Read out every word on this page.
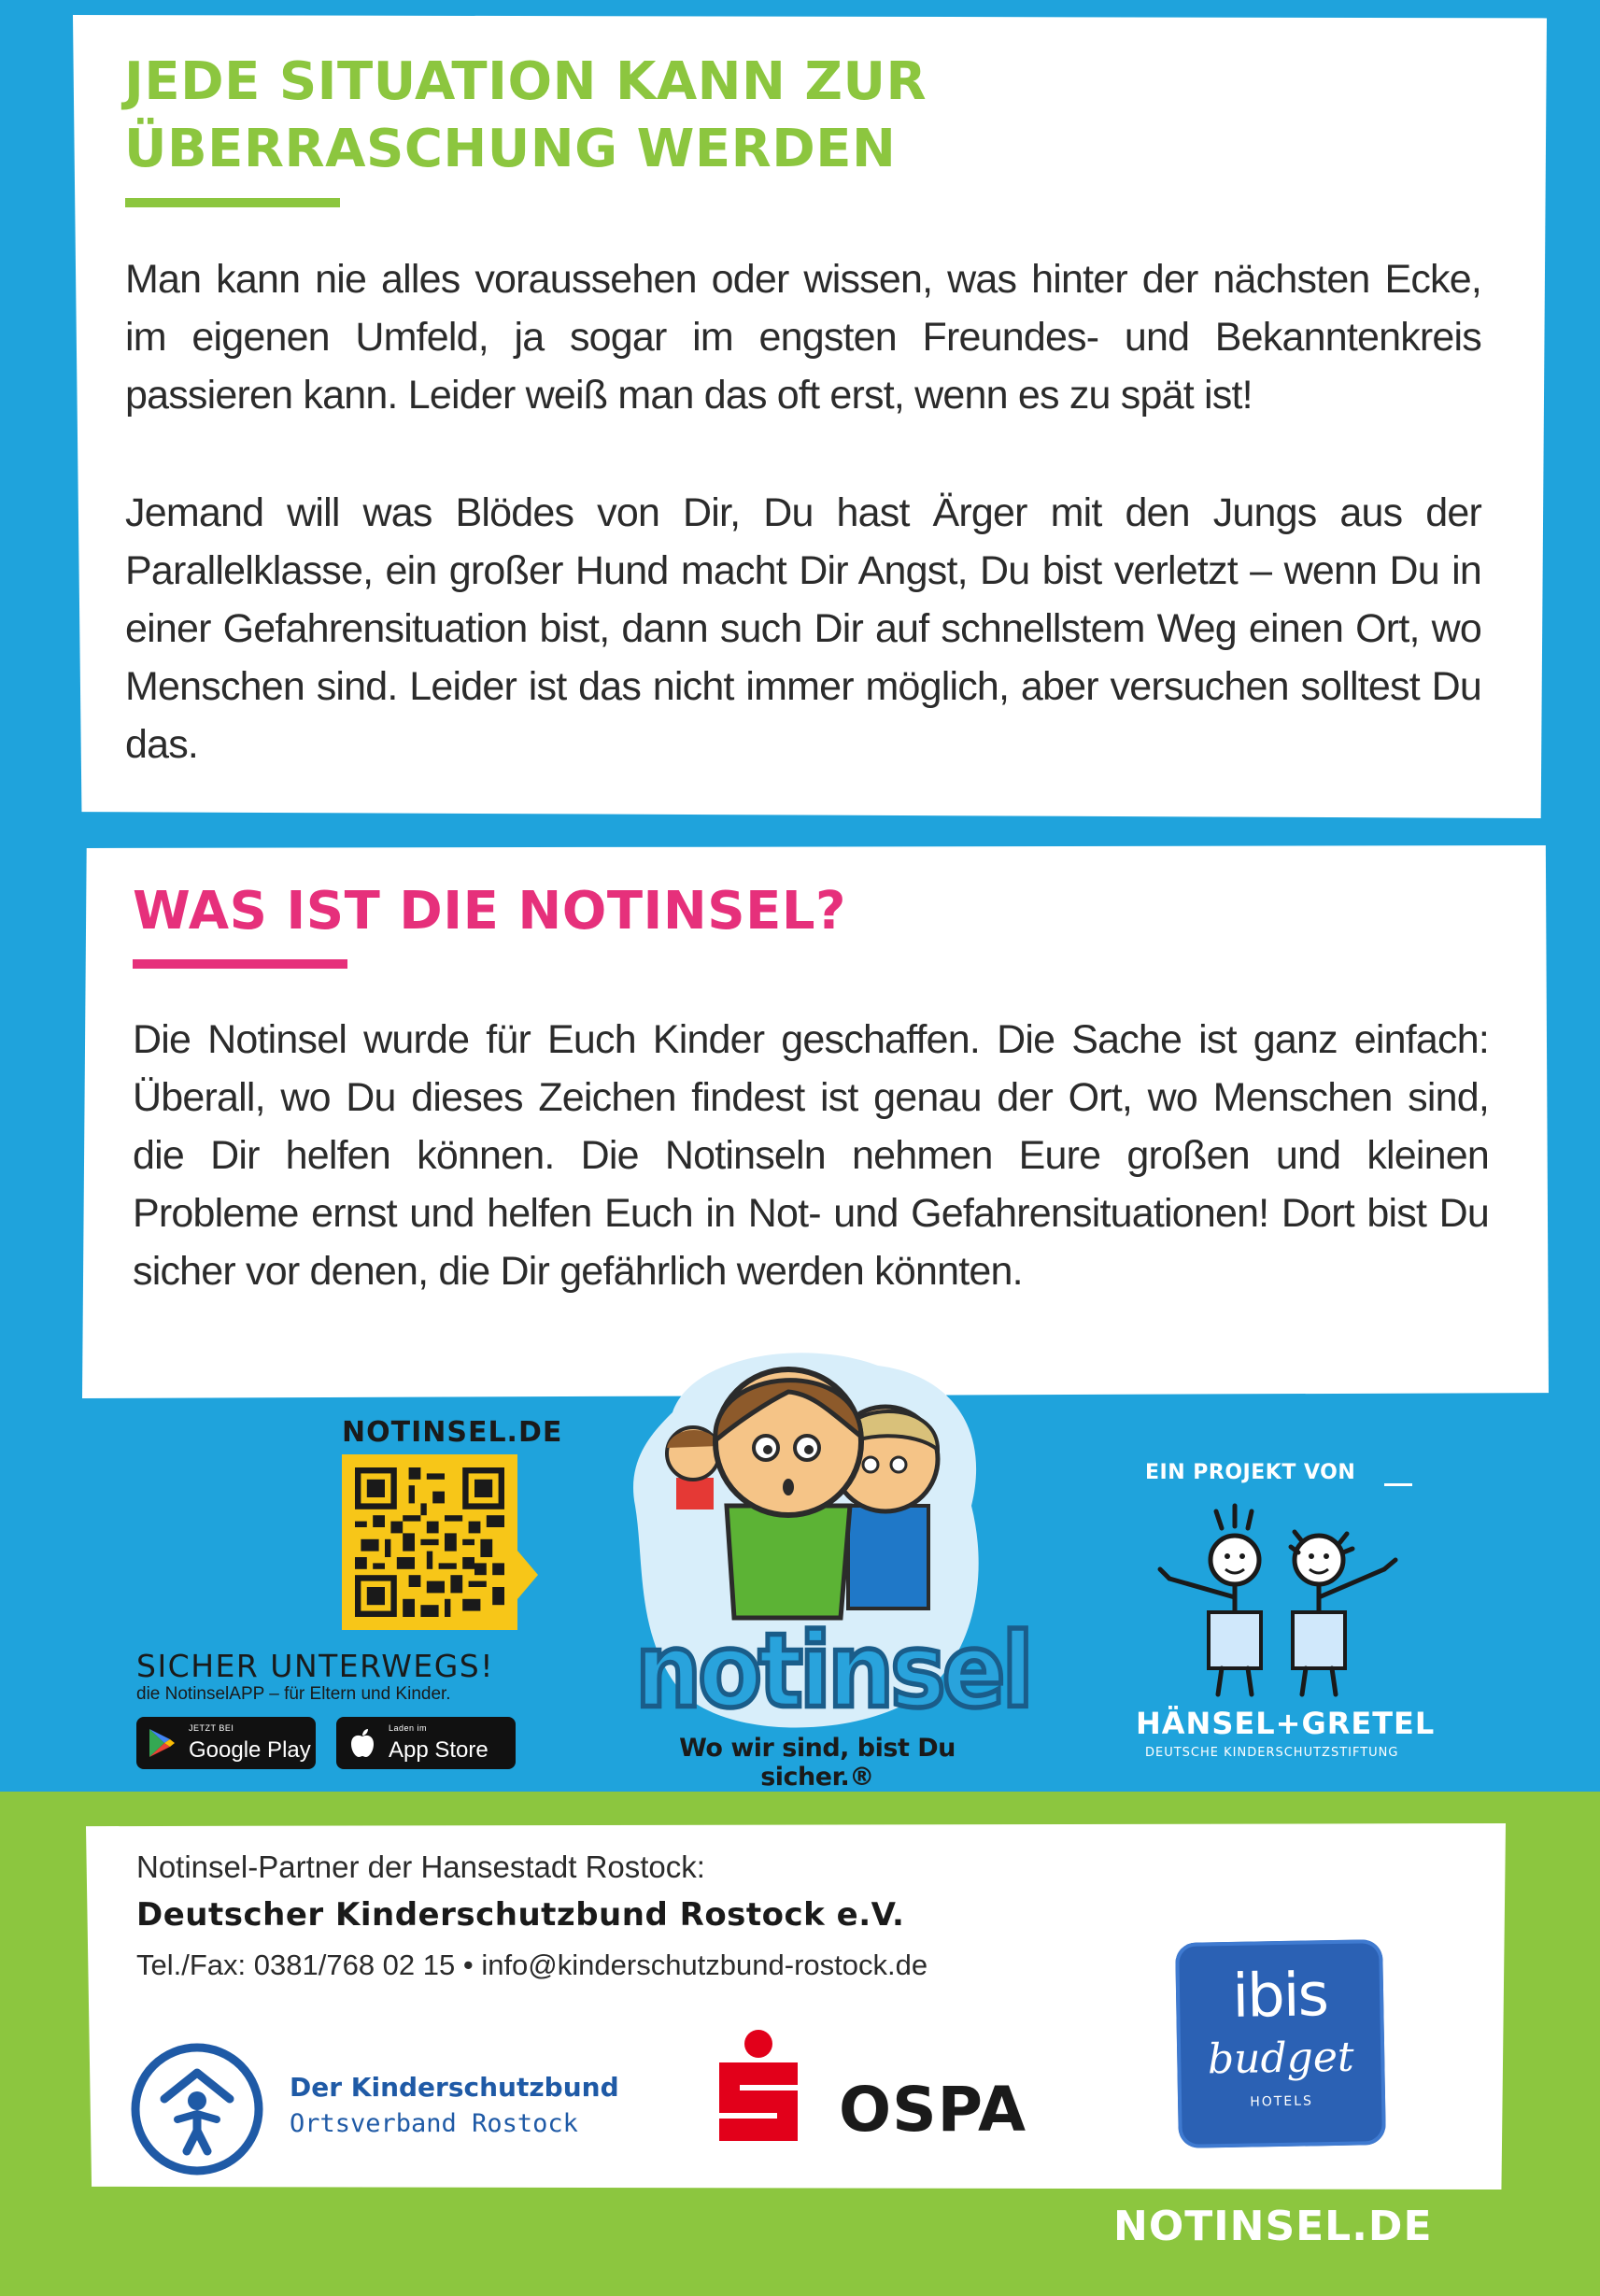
JEDE SITUATION KANN ZUR
ÜBERRASCHUNG WERDEN

Man kann nie alles voraussehen oder wissen, was hinter der nächsten Ecke, im eigenen Umfeld, ja sogar im engsten Freundes- und Bekanntenkreis passieren kann. Leider weiß man das oft erst, wenn es zu spät ist!

Jemand will was Blödes von Dir, Du hast Ärger mit den Jungs aus der Parallelklasse, ein großer Hund macht Dir Angst, Du bist verletzt – wenn Du in einer Gefahrensituation bist, dann such Dir auf schnellstem Weg einen Ort, wo Menschen sind. Leider ist das nicht immer möglich, aber versuchen solltest Du das.

WAS IST DIE NOTINSEL?

Die Notinsel wurde für Euch Kinder geschaffen. Die Sache ist ganz einfach: Überall, wo Du dieses Zeichen findest ist genau der Ort, wo Menschen sind, die Dir helfen können. Die Notinseln nehmen Eure großen und kleinen Probleme ernst und helfen Euch in Not- und Gefahrensituationen! Dort bist Du sicher vor denen, die Dir gefährlich werden könnten.

NOTINSEL.DE
SICHER UNTERWEGS!
die NotinselAPP – für Eltern und Kinder.
JETZT BEI
Google Play
Laden im
App Store
notinsel
Wo wir sind, bist Du sicher.®
EIN PROJEKT VON
HÄNSEL+GRETEL
DEUTSCHE KINDERSCHUTZSTIFTUNG
Notinsel-Partner der Hansestadt Rostock:
Deutscher Kinderschutzbund Rostock e.V.
Tel./Fax: 0381/768 02 15 • info@kinderschutzbund-rostock.de
Der Kinderschutzbund
Ortsverband Rostock	OSPA
ibis
budget
HOTELS
NOTINSEL.DE
